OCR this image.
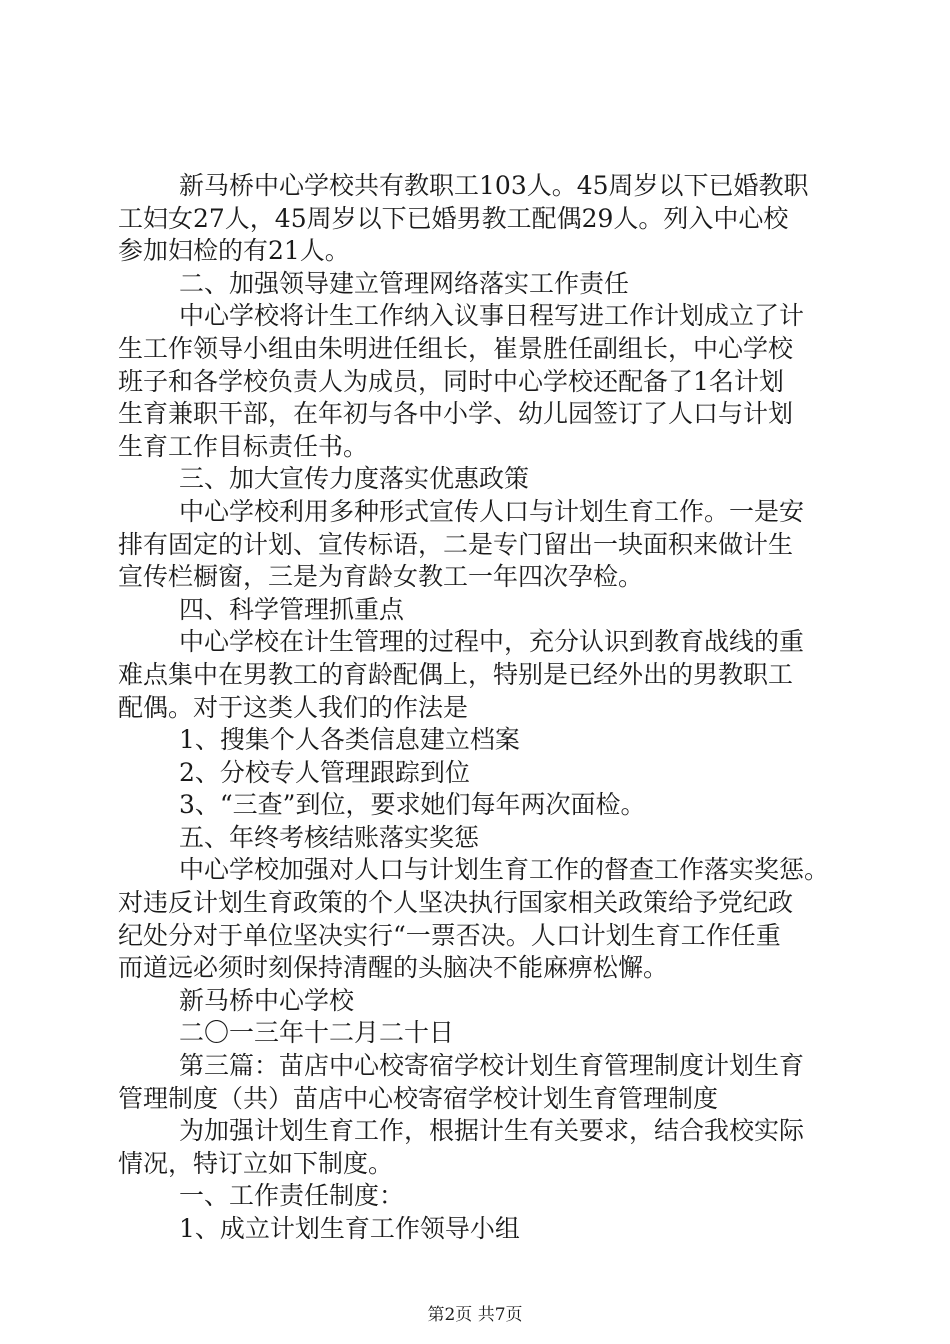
新马桥中心学校共有教职工103人。45周岁以下已婚教职
工妇女27人，45周岁以下已婚男教工配偶29人。列入中心校
参加妇检的有21人。
二、加强领导建立管理网络落实工作责任
中心学校将计生工作纳入议事日程写进工作计划成立了计
生工作领导小组由朱明进任组长，崔景胜任副组长，中心学校
班子和各学校负责人为成员，同时中心学校还配备了1名计划
生育兼职干部，在年初与各中小学、幼儿园签订了人口与计划
生育工作目标责任书。
三、加大宣传力度落实优惠政策
中心学校利用多种形式宣传人口与计划生育工作。一是安
排有固定的计划、宣传标语，二是专门留出一块面积来做计生
宣传栏橱窗，三是为育龄女教工一年四次孕检。
四、科学管理抓重点
中心学校在计生管理的过程中，充分认识到教育战线的重
难点集中在男教工的育龄配偶上，特别是已经外出的男教职工
配偶。对于这类人我们的作法是
1、搜集个人各类信息建立档案
2、分校专人管理跟踪到位
3、“三查”到位，要求她们每年两次面检。
五、年终考核结账落实奖惩
中心学校加强对人口与计划生育工作的督查工作落实奖惩。
对违反计划生育政策的个人坚决执行国家相关政策给予党纪政
纪处分对于单位坚决实行“一票否决。人口计划生育工作任重
而道远必须时刻保持清醒的头脑决不能麻痹松懈。
新马桥中心学校
二〇一三年十二月二十日
第三篇：苗店中心校寄宿学校计划生育管理制度计划生育
管理制度（共）苗店中心校寄宿学校计划生育管理制度
为加强计划生育工作，根据计生有关要求，结合我校实际
情况，特订立如下制度。
一、工作责任制度：
1、成立计划生育工作领导小组
第2页 共7页
